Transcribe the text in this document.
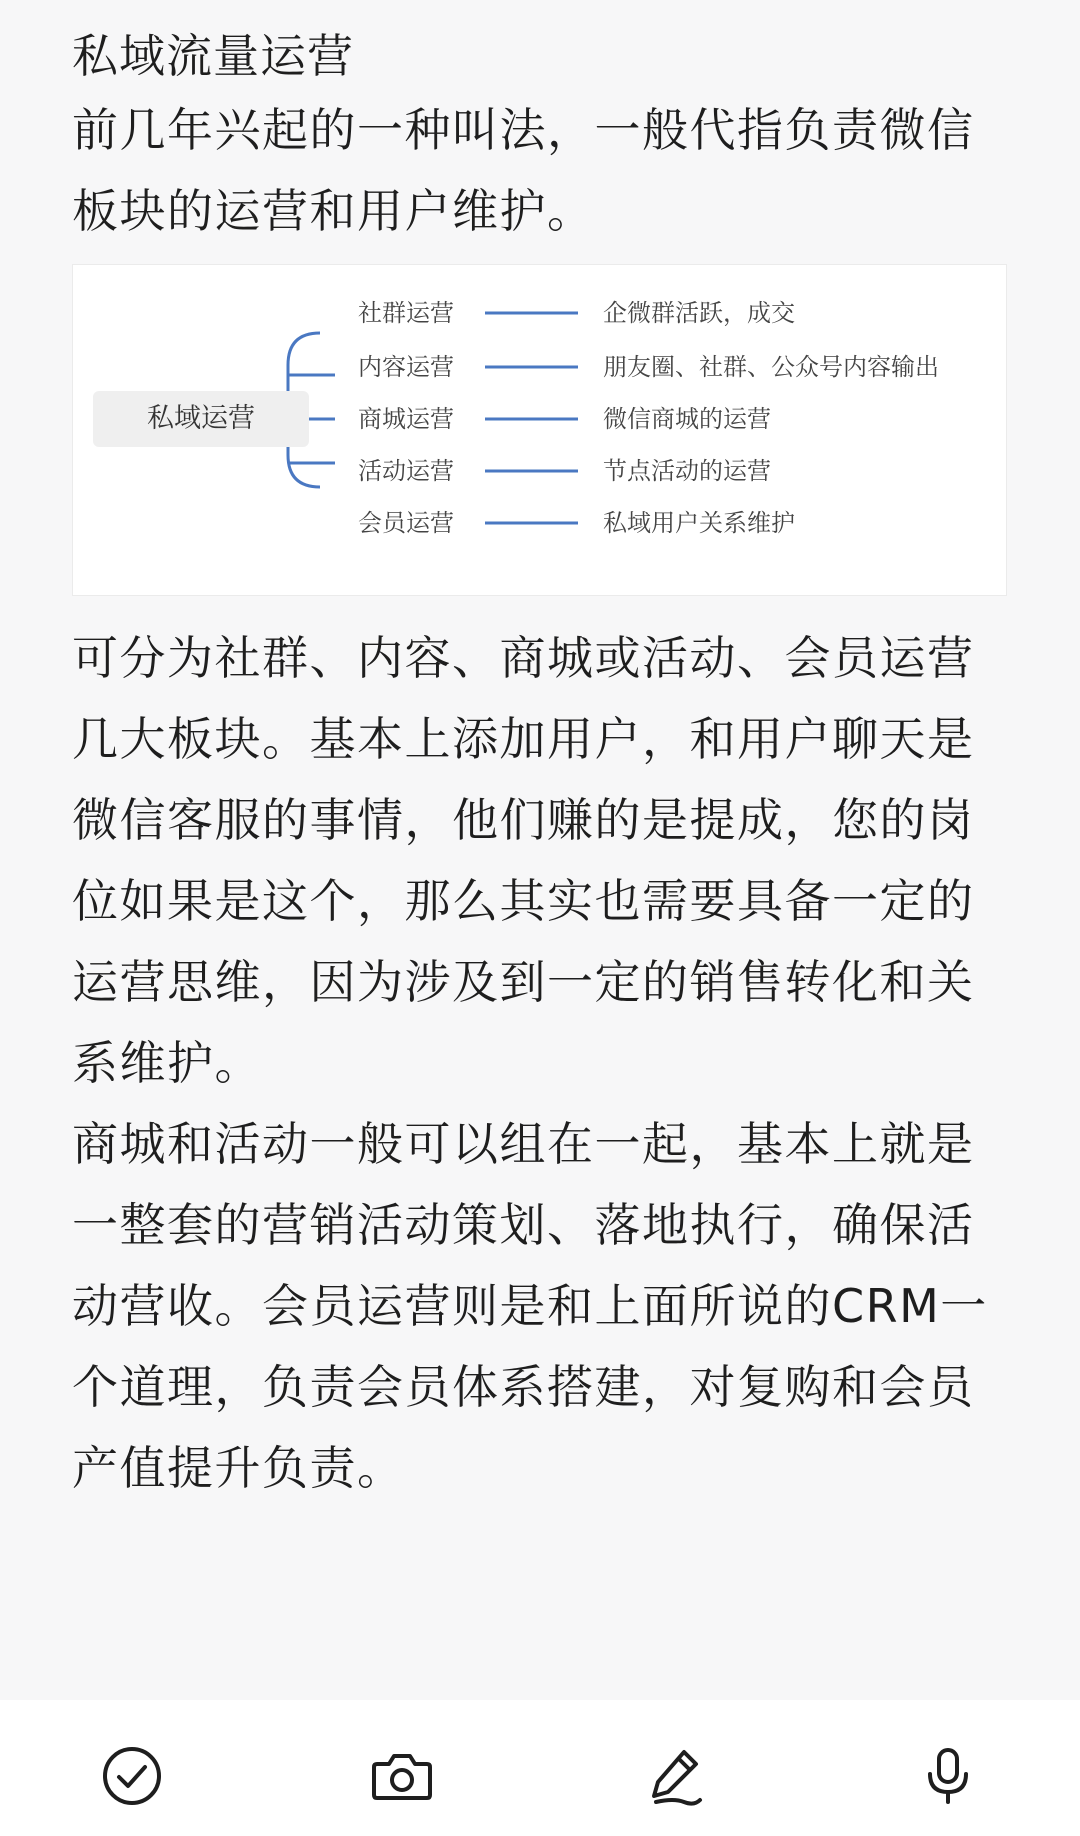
私域流量运营

前几年兴起的一种叫法，一般代指负责微信板块的运营和用户维护。

私域运营
社群运营	企微群活跃，成交
内容运营	朋友圈、社群、公众号内容输出
商城运营	微信商城的运营
活动运营	节点活动的运营
会员运营	私域用户关系维护

可分为社群、内容、商城或活动、会员运营几大板块。基本上添加用户，和用户聊天是微信客服的事情，他们赚的是提成，您的岗位如果是这个，那么其实也需要具备一定的运营思维，因为涉及到一定的销售转化和关系维护。

商城和活动一般可以组在一起，基本上就是一整套的营销活动策划、落地执行，确保活动营收。会员运营则是和上面所说的CRM一个道理，负责会员体系搭建，对复购和会员产值提升负责。
